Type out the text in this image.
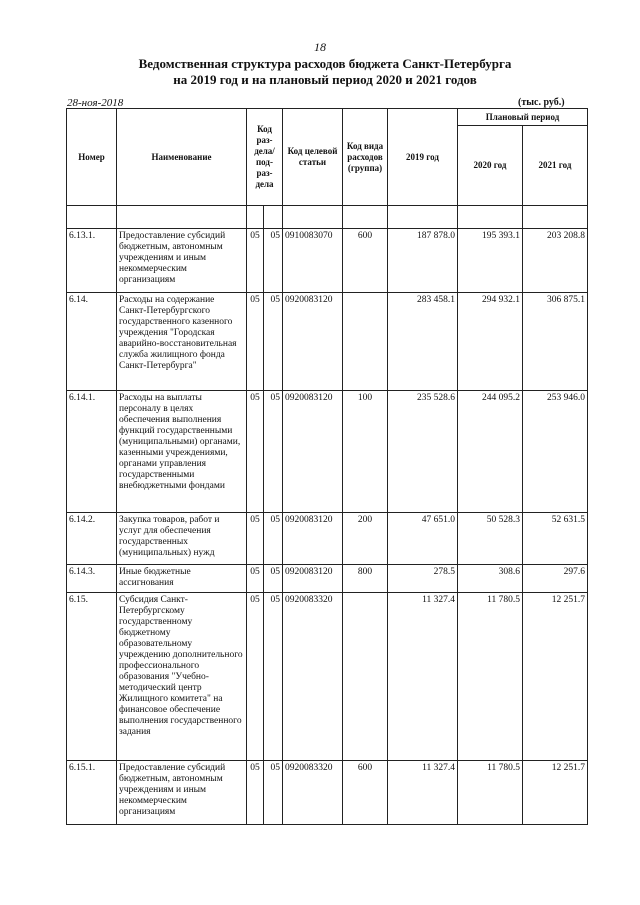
18
Ведомственная структура расходов бюджета Санкт-Петербурга
на 2019 год и на плановый период 2020 и 2021 годов
28-ноя-2018	(тыс. руб.)
Номер	Наименование	Код раз-дела/ под-раз-дела		Код целевой статьи	Код вида расходов (группа)	2019 год	Плановый период	
							2020 год	2021 год

6.13.1.	Предоставление субсидий бюджетным, автономным учреждениям и иным некоммерческим организациям	05	05	0910083070	600	187 878.0	195 393.1	203 208.8
6.14.	Расходы на содержание Санкт-Петербургского государственного казенного учреждения "Городская аварийно-восстановительная служба жилищного фонда Санкт-Петербурга"	05	05	0920083120		283 458.1	294 932.1	306 875.1
6.14.1.	Расходы на выплаты персоналу в целях обеспечения выполнения функций государственными (муниципальными) органами, казенными учреждениями, органами управления государственными внебюджетными фондами	05	05	0920083120	100	235 528.6	244 095.2	253 946.0
6.14.2.	Закупка товаров, работ и услуг для обеспечения государственных (муниципальных) нужд	05	05	0920083120	200	47 651.0	50 528.3	52 631.5
6.14.3.	Иные бюджетные ассигнования	05	05	0920083120	800	278.5	308.6	297.6
6.15.	Субсидия Санкт-Петербургскому государственному бюджетному образовательному учреждению дополнительного профессионального образования "Учебно-методический центр Жилищного комитета" на финансовое обеспечение выполнения государственного задания	05	05	0920083320		11 327.4	11 780.5	12 251.7
6.15.1.	Предоставление субсидий бюджетным, автономным учреждениям и иным некоммерческим организациям	05	05	0920083320	600	11 327.4	11 780.5	12 251.7
